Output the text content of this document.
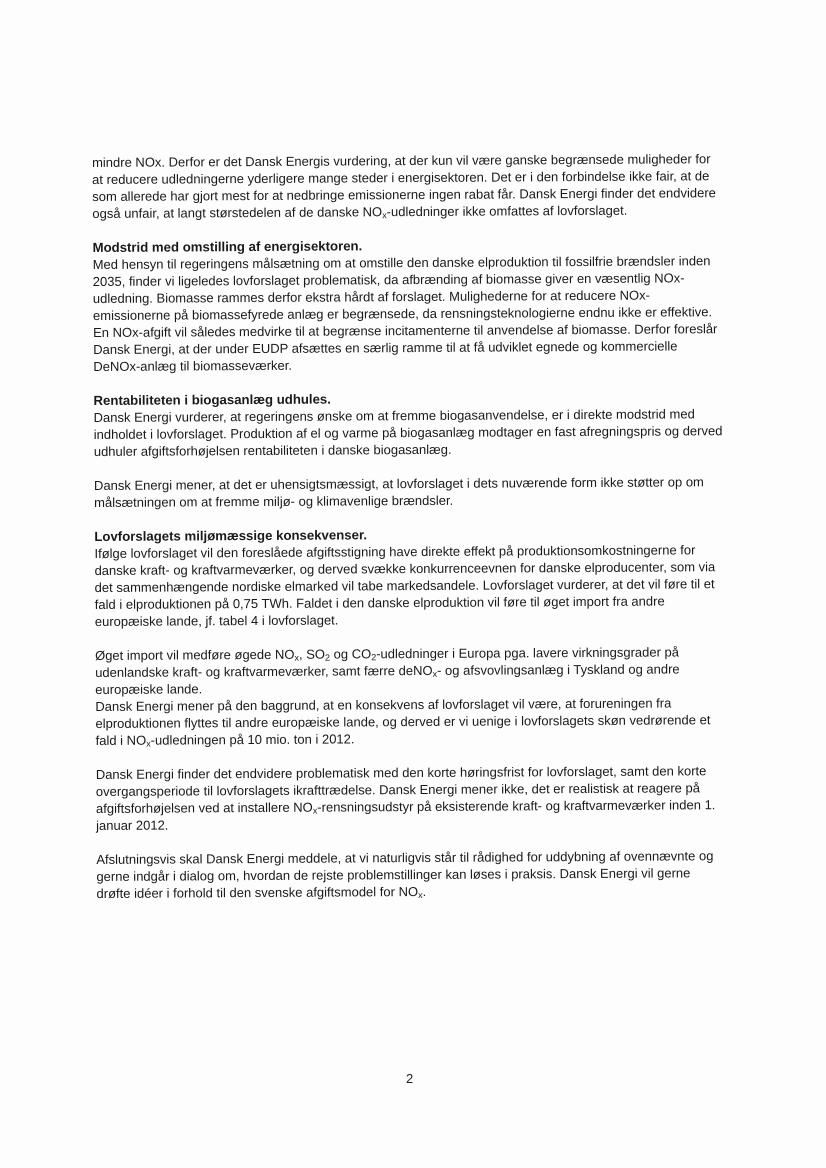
mindre NOx. Derfor er det Dansk Energis vurdering, at der kun vil være ganske begrænsede muligheder for at reducere udledningerne yderligere mange steder i energisektoren. Det er i den forbindelse ikke fair, at de som allerede har gjort mest for at nedbringe emissionerne ingen rabat får. Dansk Energi finder det endvidere også unfair, at langt størstedelen af de danske $NO_x$-udledninger ikke omfattes af lovforslaget.

Modstrid med omstilling af energisektoren.

Med hensyn til regeringens målsætning om at omstille den danske elproduktion til fossilfrie brændsler inden 2035, finder vi ligeledes lovforslaget problematisk, da afbrænding af biomasse giver en væsentlig NOx-udledning. Biomasse rammes derfor ekstra hårdt af forslaget. Mulighederne for at reducere NOx-emissionerne på biomassefyrede anlæg er begrænsede, da rensningsteknologierne endnu ikke er effektive. En NOx-afgift vil således medvirke til at begrænse incitamenterne til anvendelse af biomasse. Derfor foreslår Dansk Energi, at der under EUDP afsættes en særlig ramme til at få udviklet egnede og kommercielle DeNOx-anlæg til biomasseværker.

Rentabiliteten i biogasanlæg udhules.

Dansk Energi vurderer, at regeringens ønske om at fremme biogasanvendelse, er i direkte modstrid med indholdet i lovforslaget. Produktion af el og varme på biogasanlæg modtager en fast afregningspris og derved udhuler afgiftsforhøjelsen rentabiliteten i danske biogasanlæg.

Dansk Energi mener, at det er uhensigtsmæssigt, at lovforslaget i dets nuværende form ikke støtter op om målsætningen om at fremme miljø- og klimavenlige brændsler.

Lovforslagets miljømæssige konsekvenser.

Ifølge lovforslaget vil den foreslåede afgiftsstigning have direkte effekt på produktionsomkostningerne for danske kraft- og kraftvarmeværker, og derved svække konkurrenceevnen for danske elproducenter, som via det sammenhængende nordiske elmarked vil tabe markedsandele. Lovforslaget vurderer, at det vil føre til et fald i elproduktionen på 0,75 TWh. Faldet i den danske elproduktion vil føre til øget import fra andre europæiske lande, jf. tabel 4 i lovforslaget.

Øget import vil medføre øgede $NO_x$, $SO_2$ og $CO_2$-udledninger i Europa pga. lavere virkningsgrader på udenlandske kraft- og kraftvarmeværker, samt færre deNO$_x$- og afsvovlingsanlæg i Tyskland og andre europæiske lande.

Dansk Energi mener på den baggrund, at en konsekvens af lovforslaget vil være, at forureningen fra elproduktionen flyttes til andre europæiske lande, og derved er vi uenige i lovforslagets skøn vedrørende et fald i $NO_x$-udledningen på 10 mio. ton i 2012.

Dansk Energi finder det endvidere problematisk med den korte høringsfrist for lovforslaget, samt den korte overgangsperiode til lovforslagets ikrafttrædelse. Dansk Energi mener ikke, det er realistisk at reagere på afgiftsforhøjelsen ved at installere $NO_x$-rensningsudstyr på eksisterende kraft- og kraftvarmeværker inden 1. januar 2012.

Afslutningsvis skal Dansk Energi meddele, at vi naturligvis står til rådighed for uddybning af ovennævnte og gerne indgår i dialog om, hvordan de rejste problemstillinger kan løses i praksis. Dansk Energi vil gerne drøfte idéer i forhold til den svenske afgiftsmodel for $NO_x$.

2
